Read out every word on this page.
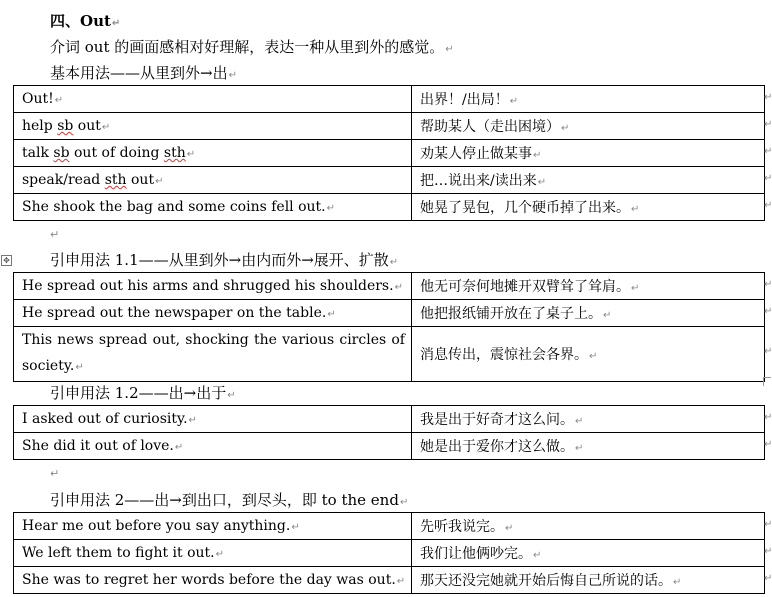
四、Out↵
介词 out 的画面感相对好理解，表达一种从里到外的感觉。↵
基本用法——从里到外→出↵
Out!↵	出界！/出局！↵
help sb out↵	帮助某人（走出困境）↵
talk sb out of doing sth↵	劝某人停止做某事↵
speak/read sth out↵	把…说出来/读出来↵
She shook the bag and some coins fell out.↵	她晃了晃包，几个硬币掉了出来。↵
↵
↵
↵
↵
↵
↵
✥	引申用法 1.1——从里到外→由内而外→展开、扩散↵
He spread out his arms and shrugged his shoulders.↵	他无可奈何地摊开双臂耸了耸肩。↵
He spread out the newspaper on the table.↵	他把报纸铺开放在了桌子上。↵
This news spread out, shocking the various circles of society.↵	消息传出，震惊社会各界。↵
↵
↵
↵
引申用法 1.2——出→出于↵
I asked out of curiosity.↵	我是出于好奇才这么问。↵
She did it out of love.↵	她是出于爱你才这么做。↵
↵
↵
↵
引申用法 2——出→到出口，到尽头，即 to the end↵
Hear me out before you say anything.↵	先听我说完。↵
We left them to fight it out.↵	我们让他俩吵完。↵
She was to regret her words before the day was out.↵	那天还没完她就开始后悔自己所说的话。↵
↵
↵
↵
